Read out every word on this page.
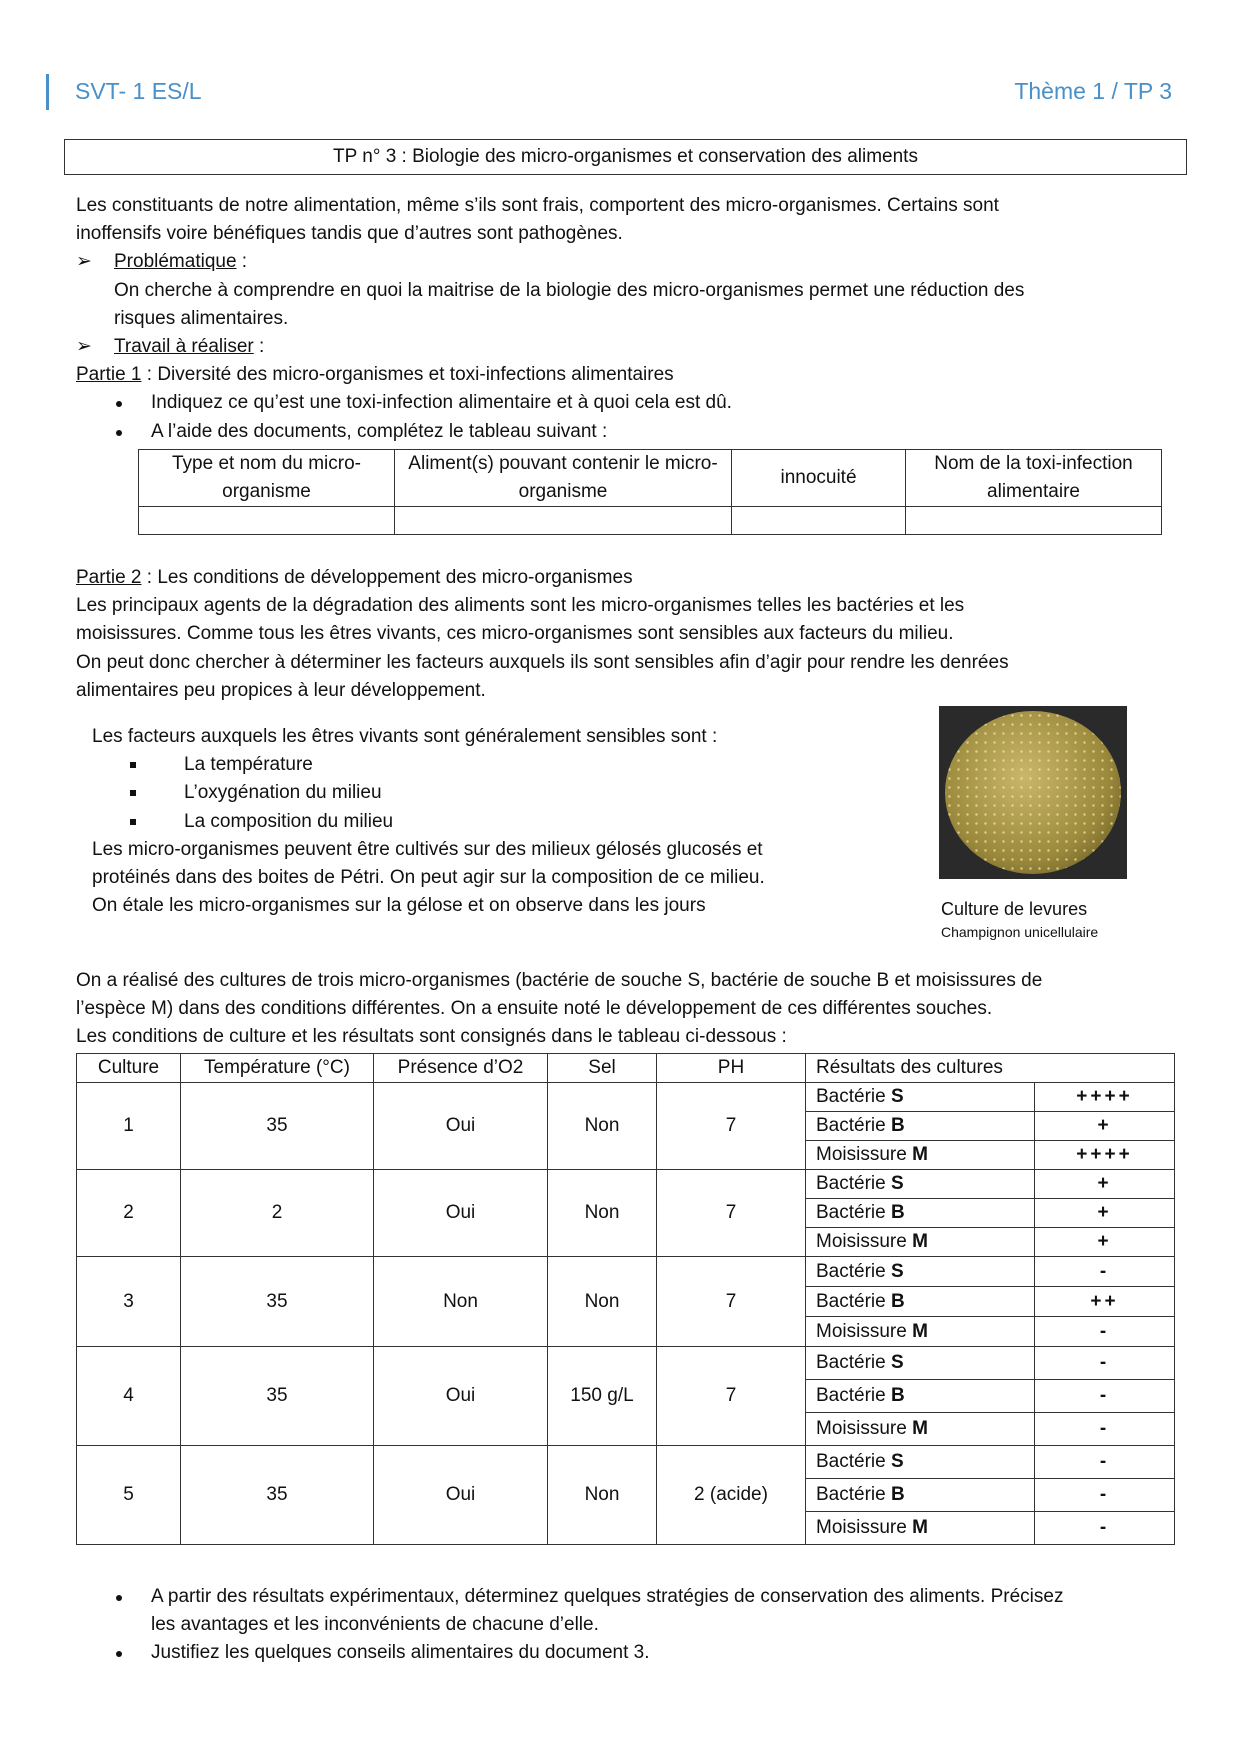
SVT- 1 ES/L	Thème 1 / TP 3
TP n° 3 : Biologie des micro-organismes et conservation des aliments
Les constituants de notre alimentation, même s’ils sont frais, comportent des micro-organismes. Certains sont
inoffensifs voire bénéfiques tandis que d’autres sont pathogènes.
➢ Problématique :
On cherche à comprendre en quoi la maitrise de la biologie des micro-organismes permet une réduction des
risques alimentaires.
➢ Travail à réaliser :
Partie 1 : Diversité des micro-organismes et toxi-infections alimentaires
Indiquez ce qu’est une toxi-infection alimentaire et à quoi cela est dû.
A l’aide des documents, complétez le tableau suivant :
Type et nom du micro-organisme	Aliment(s) pouvant contenir le micro-organisme	innocuité	Nom de la toxi-infection alimentaire

Partie 2 : Les conditions de développement des micro-organismes
Les principaux agents de la dégradation des aliments sont les micro-organismes telles les bactéries et les
moisissures. Comme tous les êtres vivants, ces micro-organismes sont sensibles aux facteurs du milieu.
On peut donc chercher à déterminer les facteurs auxquels ils sont sensibles afin d’agir pour rendre les denrées
alimentaires peu propices à leur développement.
Les facteurs auxquels les êtres vivants sont généralement sensibles sont :
La température
L’oxygénation du milieu
La composition du milieu
Les micro-organismes peuvent être cultivés sur des milieux gélosés glucosés et
protéinés dans des boites de Pétri. On peut agir sur la composition de ce milieu.
On étale les micro-organismes sur la gélose et on observe dans les jours	Culture de levures
Champignon unicellulaire
On a réalisé des cultures de trois micro-organismes (bactérie de souche S, bactérie de souche B et moisissures de
l’espèce M) dans des conditions différentes. On a ensuite noté le développement de ces différentes souches.
Les conditions de culture et les résultats sont consignés dans le tableau ci-dessous :
Culture	Température (°C)	Présence d’O2	Sel	PH	Résultats des cultures	
1	35	Oui	Non	7	Bactérie S	++++
					Bactérie B	+
					Moisissure M	++++
2	2	Oui	Non	7	Bactérie S	+
					Bactérie B	+
					Moisissure M	+
3	35	Non	Non	7	Bactérie S	-
					Bactérie B	++
					Moisissure M	-
4	35	Oui	150 g/L	7	Bactérie S	-
					Bactérie B	-
					Moisissure M	-
5	35	Oui	Non	2 (acide)	Bactérie S	-
					Bactérie B	-
					Moisissure M	-
A partir des résultats expérimentaux, déterminez quelques stratégies de conservation des aliments. Précisez
les avantages et les inconvénients de chacune d’elle.
Justifiez les quelques conseils alimentaires du document 3.
